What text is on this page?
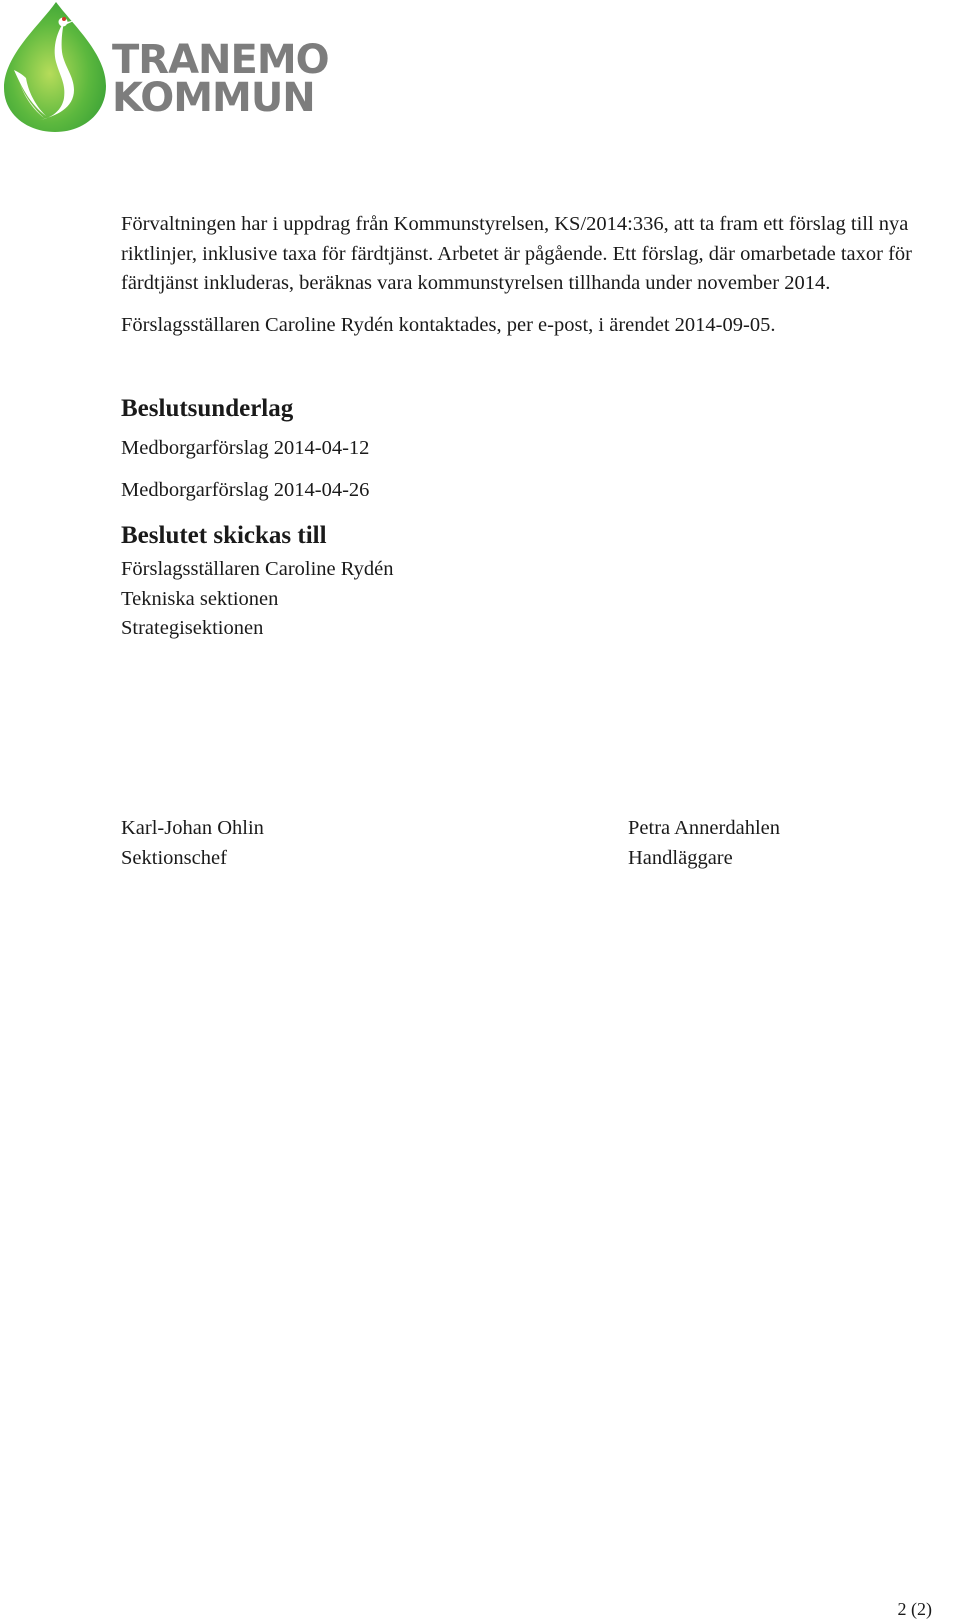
TRANEMO
KOMMUN

Förvaltningen har i uppdrag från Kommunstyrelsen, KS/2014:336, att ta fram ett förslag till nya riktlinjer, inklusive taxa för färdtjänst. Arbetet är pågående. Ett förslag, där omarbetade taxor för färdtjänst inkluderas, beräknas vara kommunstyrelsen tillhanda under november 2014.

Förslagsställaren Caroline Rydén kontaktades, per e-post, i ärendet 2014-09-05.

Beslutsunderlag

Medborgarförslag 2014-04-12

Medborgarförslag 2014-04-26

Beslutet skickas till

Förslagsställaren Caroline Rydén

Tekniska sektionen

Strategisektionen

Karl-Johan Ohlin
Sektionschef
Petra Annerdahlen
Handläggare
2 (2)
